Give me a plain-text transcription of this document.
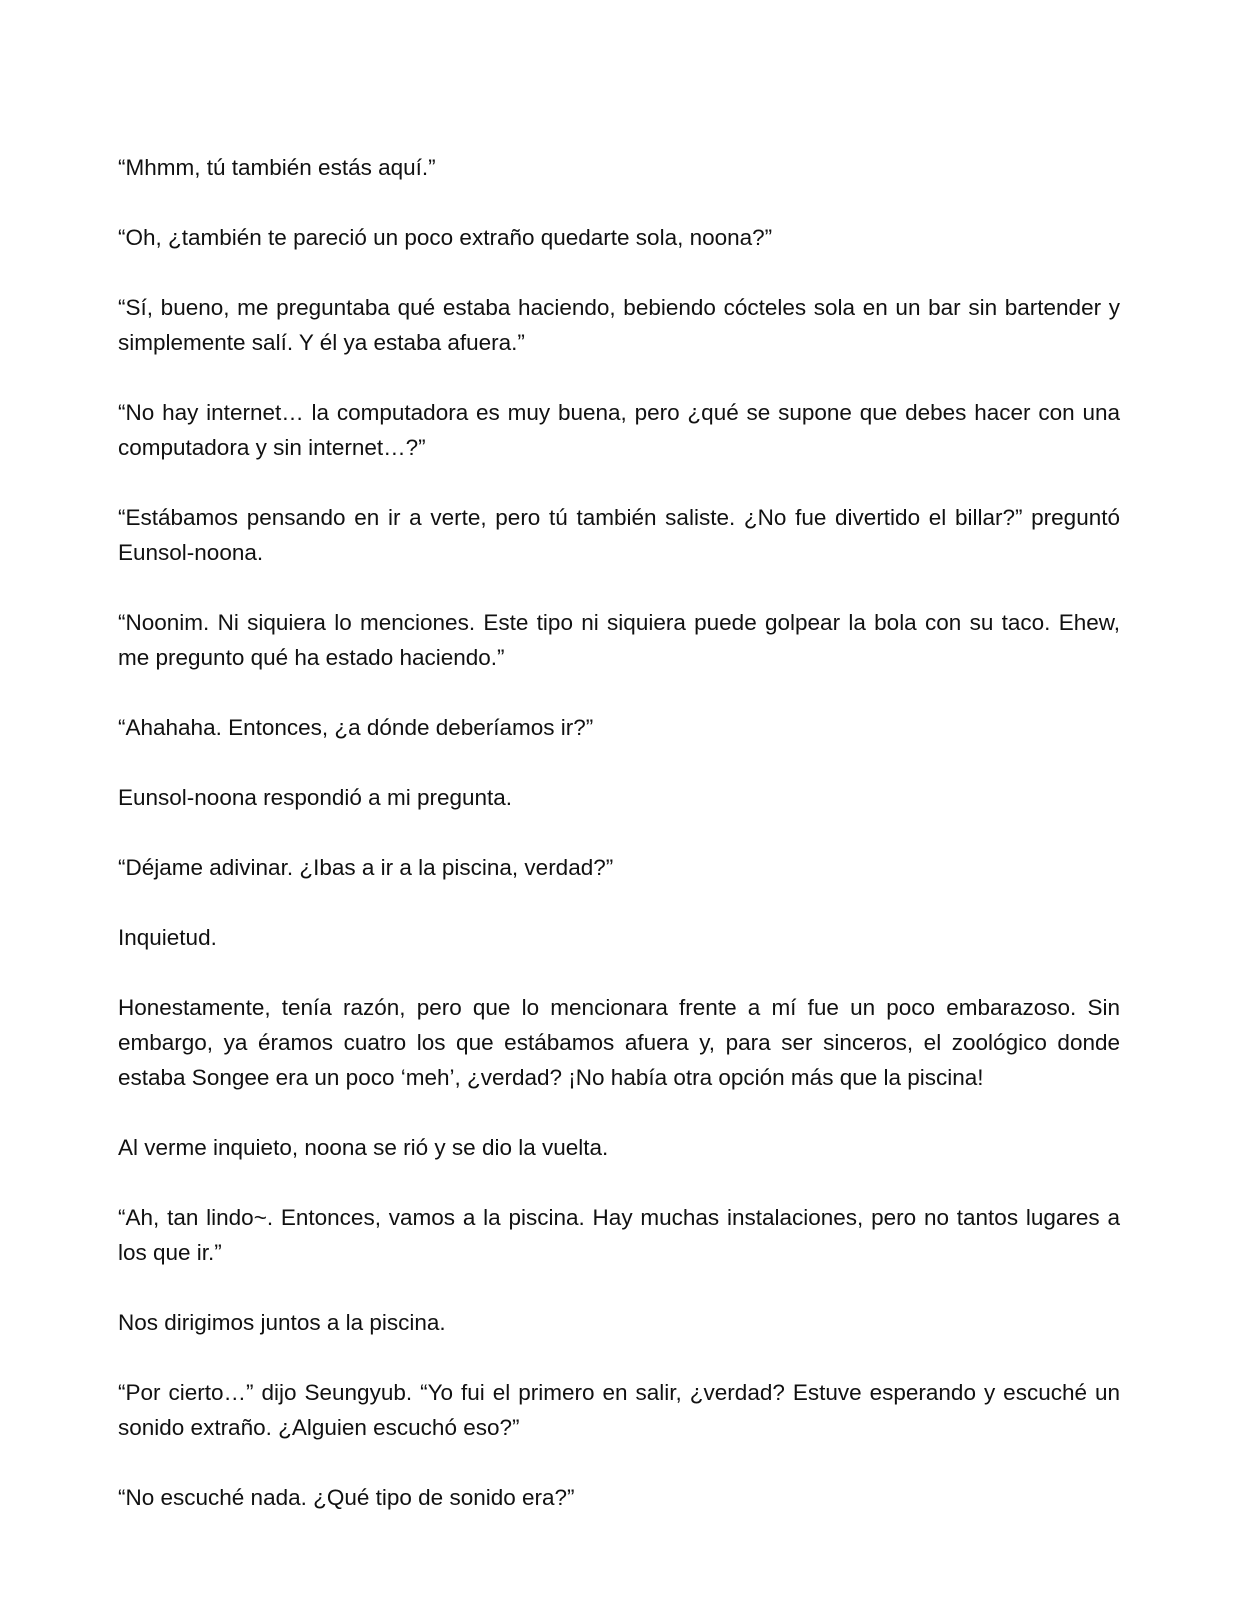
“Mhmm, tú también estás aquí.”

“Oh, ¿también te pareció un poco extraño quedarte sola, noona?”

“Sí, bueno, me preguntaba qué estaba haciendo, bebiendo cócteles sola en un bar sin bartender y simplemente salí. Y él ya estaba afuera.”

“No hay internet… la computadora es muy buena, pero ¿qué se supone que debes hacer con una computadora y sin internet…?”

“Estábamos pensando en ir a verte, pero tú también saliste. ¿No fue divertido el billar?” preguntó Eunsol-noona.

“Noonim. Ni siquiera lo menciones. Este tipo ni siquiera puede golpear la bola con su taco. Ehew, me pregunto qué ha estado haciendo.”

“Ahahaha. Entonces, ¿a dónde deberíamos ir?”

Eunsol-noona respondió a mi pregunta.

“Déjame adivinar. ¿Ibas a ir a la piscina, verdad?”

Inquietud.

Honestamente, tenía razón, pero que lo mencionara frente a mí fue un poco embarazoso. Sin embargo, ya éramos cuatro los que estábamos afuera y, para ser sinceros, el zoológico donde estaba Songee era un poco ‘meh’, ¿verdad? ¡No había otra opción más que la piscina!

Al verme inquieto, noona se rió y se dio la vuelta.

“Ah, tan lindo~. Entonces, vamos a la piscina. Hay muchas instalaciones, pero no tantos lugares a los que ir.”

Nos dirigimos juntos a la piscina.

“Por cierto…” dijo Seungyub. “Yo fui el primero en salir, ¿verdad? Estuve esperando y escuché un sonido extraño. ¿Alguien escuchó eso?”

“No escuché nada. ¿Qué tipo de sonido era?”
